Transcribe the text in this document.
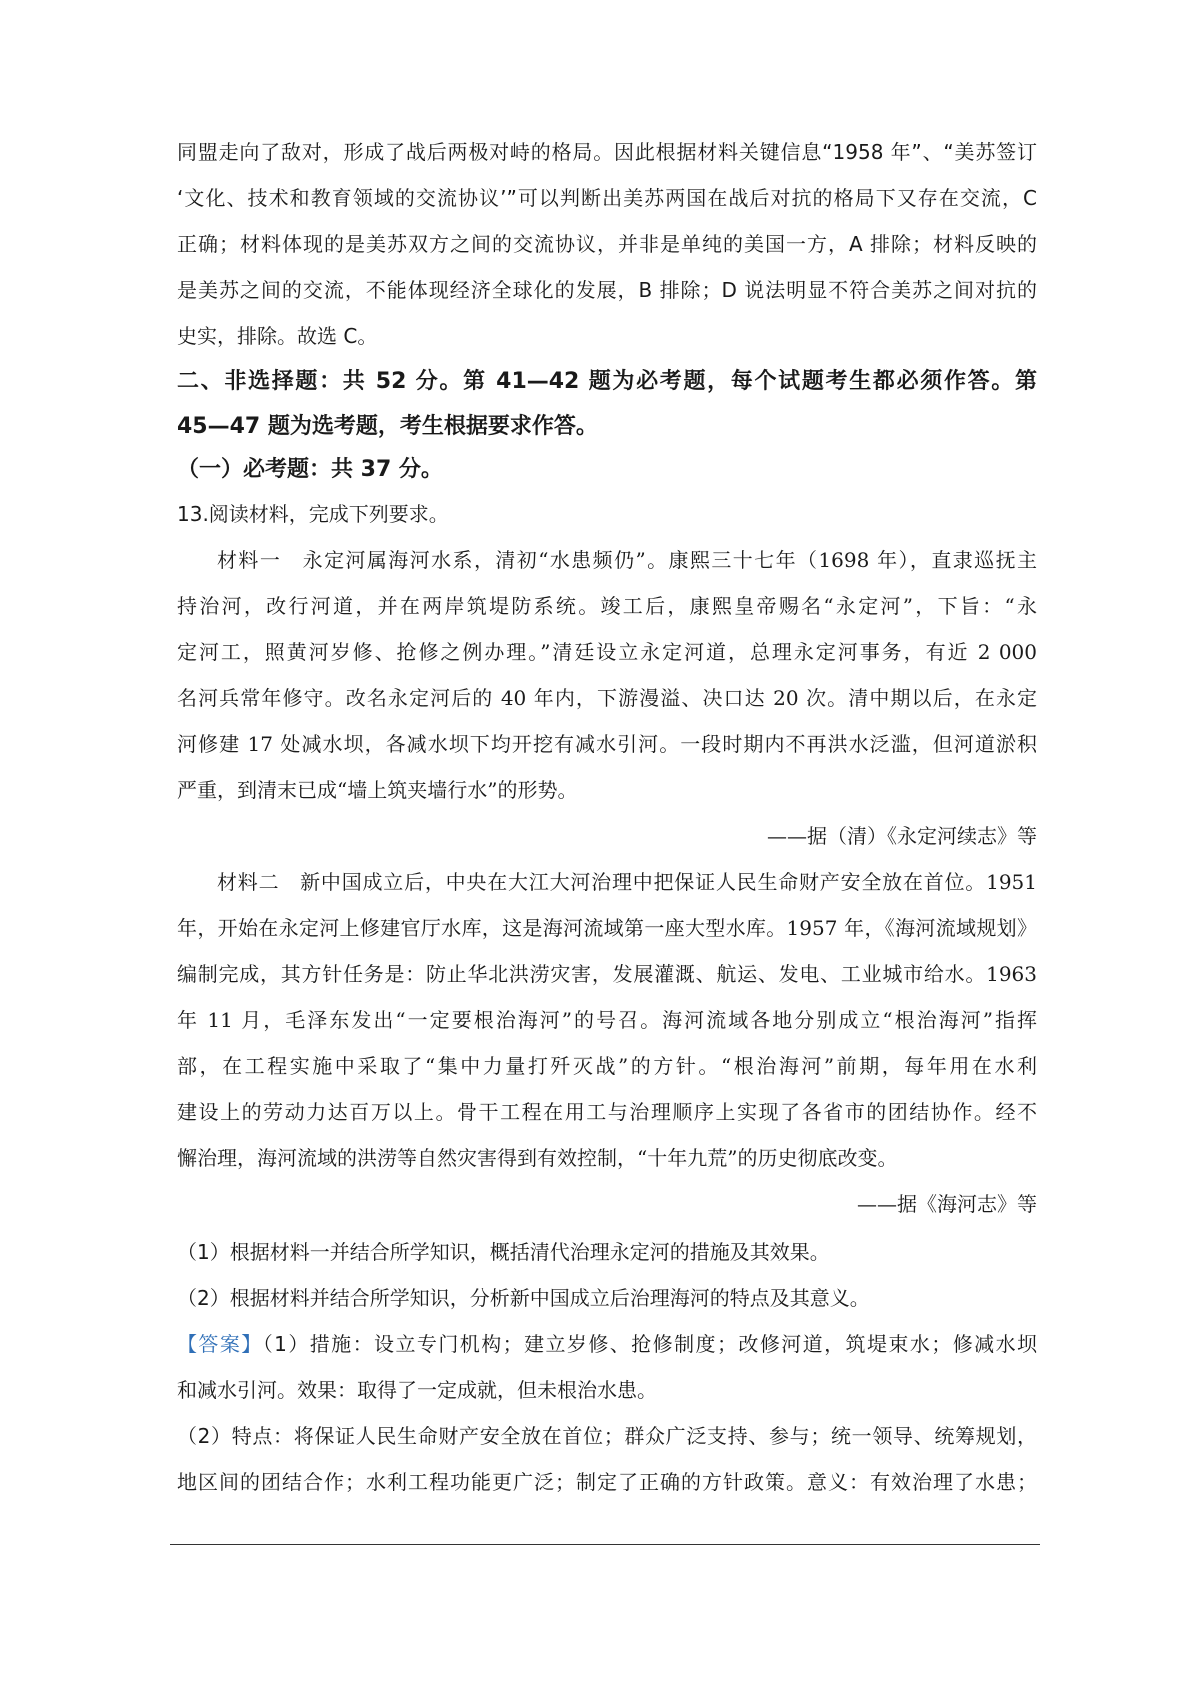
同盟走向了敌对，形成了战后两极对峙的格局。因此根据材料关键信息“1958 年”、“美苏签订
‘文化、技术和教育领域的交流协议’”可以判断出美苏两国在战后对抗的格局下又存在交流，C
正确；材料体现的是美苏双方之间的交流协议，并非是单纯的美国一方，A 排除；材料反映的
是美苏之间的交流，不能体现经济全球化的发展，B 排除；D 说法明显不符合美苏之间对抗的
史实，排除。故选 C。
二、非选择题：共 52 分。第 41—42 题为必考题，每个试题考生都必须作答。第
45—47 题为选考题，考生根据要求作答。
（一）必考题：共 37 分。
13.阅读材料，完成下列要求。
材料一　永定河属海河水系，清初“水患频仍”。康熙三十七年（1698 年），直隶巡抚主
持治河，改行河道，并在两岸筑堤防系统。竣工后，康熙皇帝赐名“永定河”，下旨：“永
定河工，照黄河岁修、抢修之例办理。”清廷设立永定河道，总理永定河事务，有近 2 000
名河兵常年修守。改名永定河后的 40 年内，下游漫溢、决口达 20 次。清中期以后，在永定
河修建 17 处减水坝，各减水坝下均开挖有减水引河。一段时期内不再洪水泛滥，但河道淤积
严重，到清末已成“墙上筑夹墙行水”的形势。
——据（清）《永定河续志》等
材料二　新中国成立后，中央在大江大河治理中把保证人民生命财产安全放在首位。1951
年，开始在永定河上修建官厅水库，这是海河流域第一座大型水库。1957 年，《海河流域规划》
编制完成，其方针任务是：防止华北洪涝灾害，发展灌溉、航运、发电、工业城市给水。1963
年 11 月，毛泽东发出“一定要根治海河”的号召。海河流域各地分别成立“根治海河”指挥
部，在工程实施中采取了“集中力量打歼灭战”的方针。“根治海河”前期，每年用在水利
建设上的劳动力达百万以上。骨干工程在用工与治理顺序上实现了各省市的团结协作。经不
懈治理，海河流域的洪涝等自然灾害得到有效控制，“十年九荒”的历史彻底改变。
——据《海河志》等
（1）根据材料一并结合所学知识，概括清代治理永定河的措施及其效果。
（2）根据材料并结合所学知识，分析新中国成立后治理海河的特点及其意义。
【答案】（1）措施：设立专门机构；建立岁修、抢修制度；改修河道，筑堤束水；修减水坝
和减水引河。效果：取得了一定成就，但未根治水患。
（2）特点：将保证人民生命财产安全放在首位；群众广泛支持、参与；统一领导、统筹规划，
地区间的团结合作；水利工程功能更广泛；制定了正确的方针政策。意义：有效治理了水患；
